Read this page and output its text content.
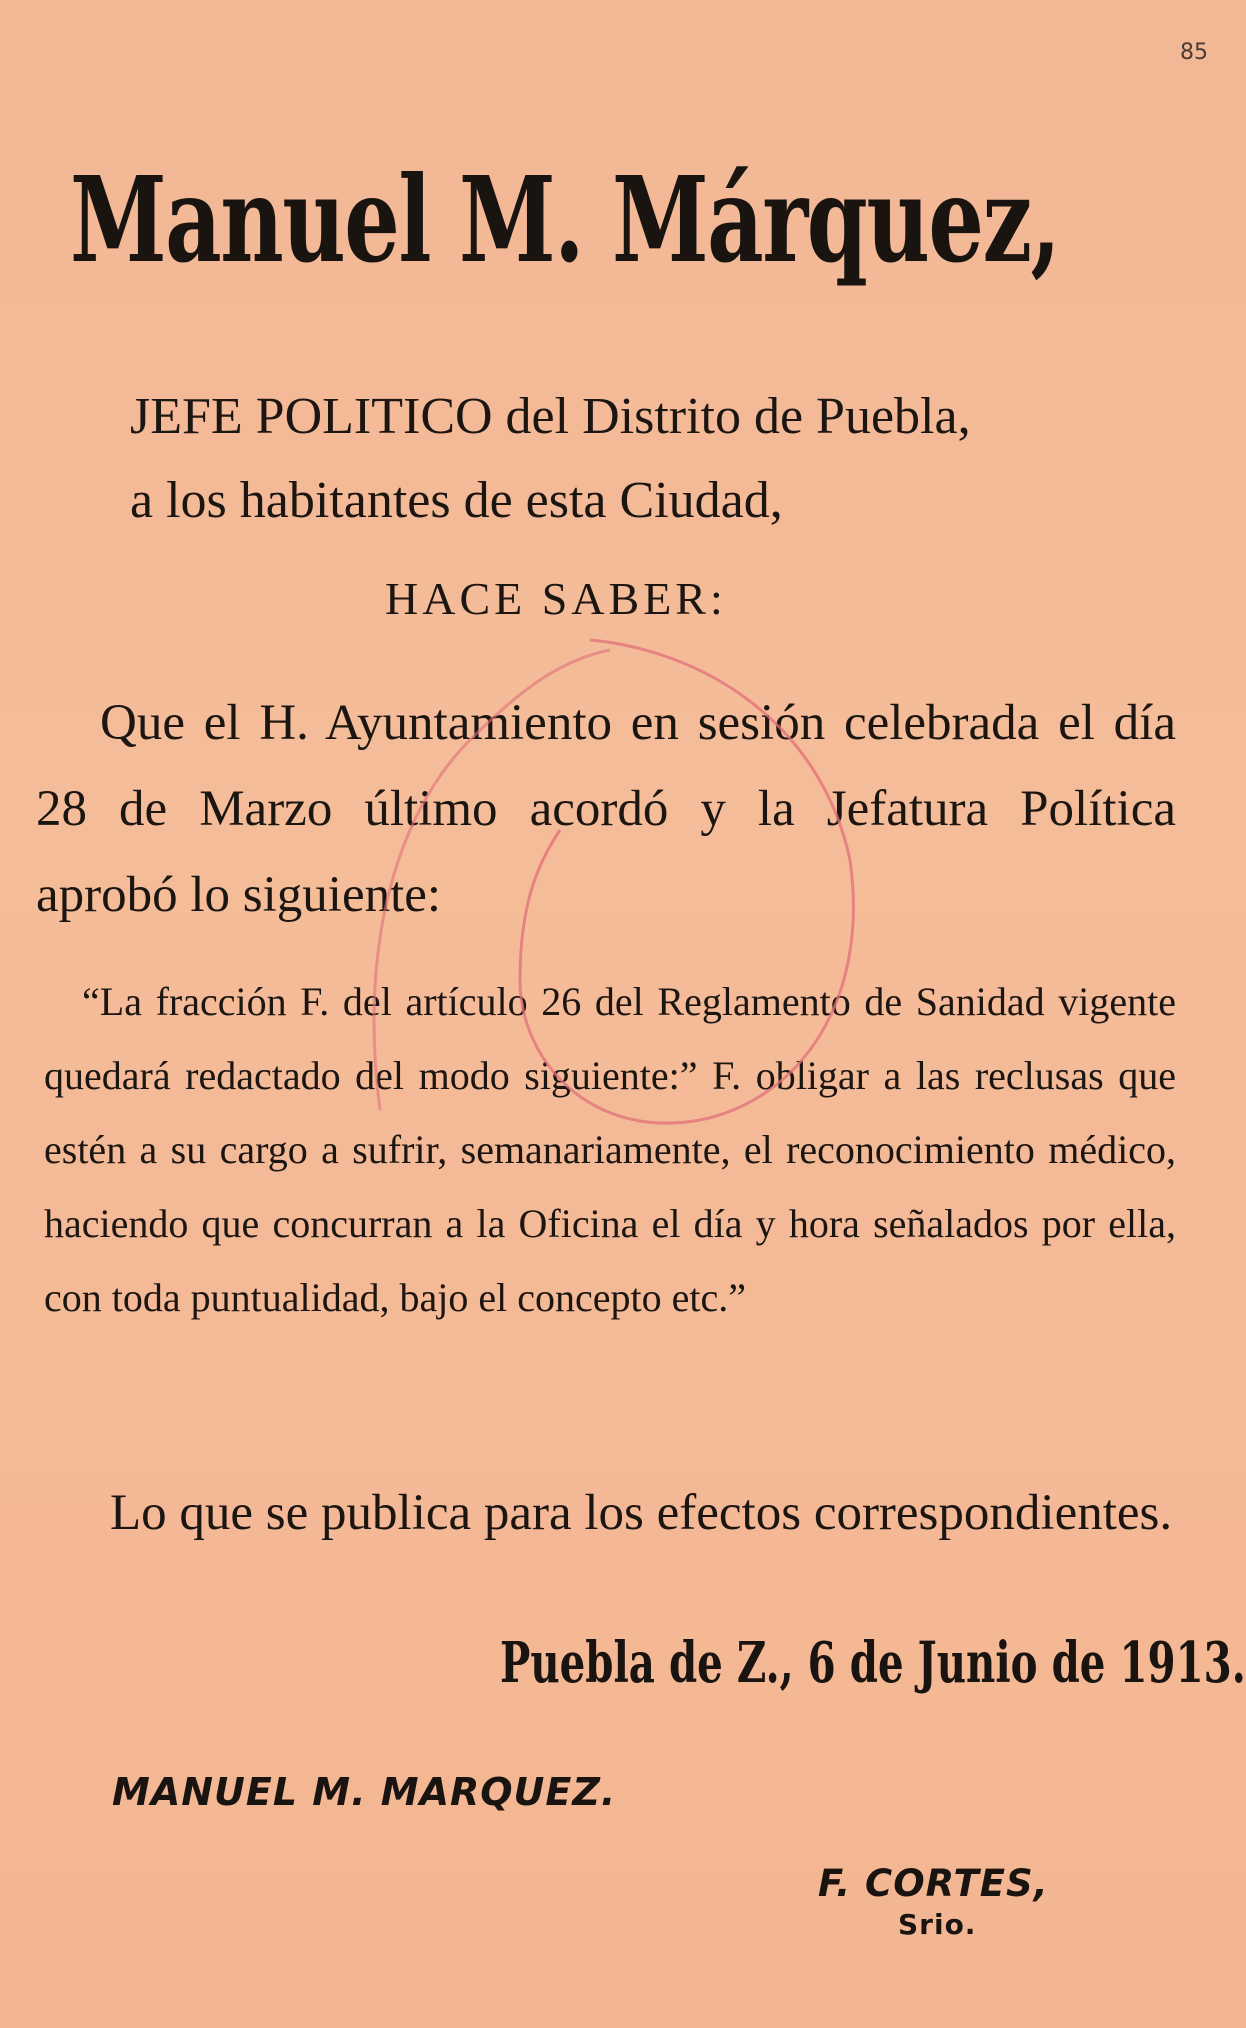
85
Manuel M. Márquez,
JEFE POLITICO del Distrito de Puebla,
a los habitantes de esta Ciudad,
HACE SABER:
Que el H. Ayuntamiento en sesión celebrada el día 28 de Marzo último acordó y la Jefatura Política aprobó lo siguiente:
“La fracción F. del artículo 26 del Reglamento de Sanidad vigente quedará redactado del modo siguiente:” F. obligar a las reclusas que estén a su cargo a sufrir, semanariamente, el reconocimiento médico, haciendo que concurran a la Oficina el día y hora señalados por ella, con toda puntualidad, bajo el concepto etc.”
Lo que se publica para los efectos correspondientes.
Puebla de Z., 6 de Junio de 1913.
MANUEL M. MARQUEZ.
F. CORTES,
Srio.
